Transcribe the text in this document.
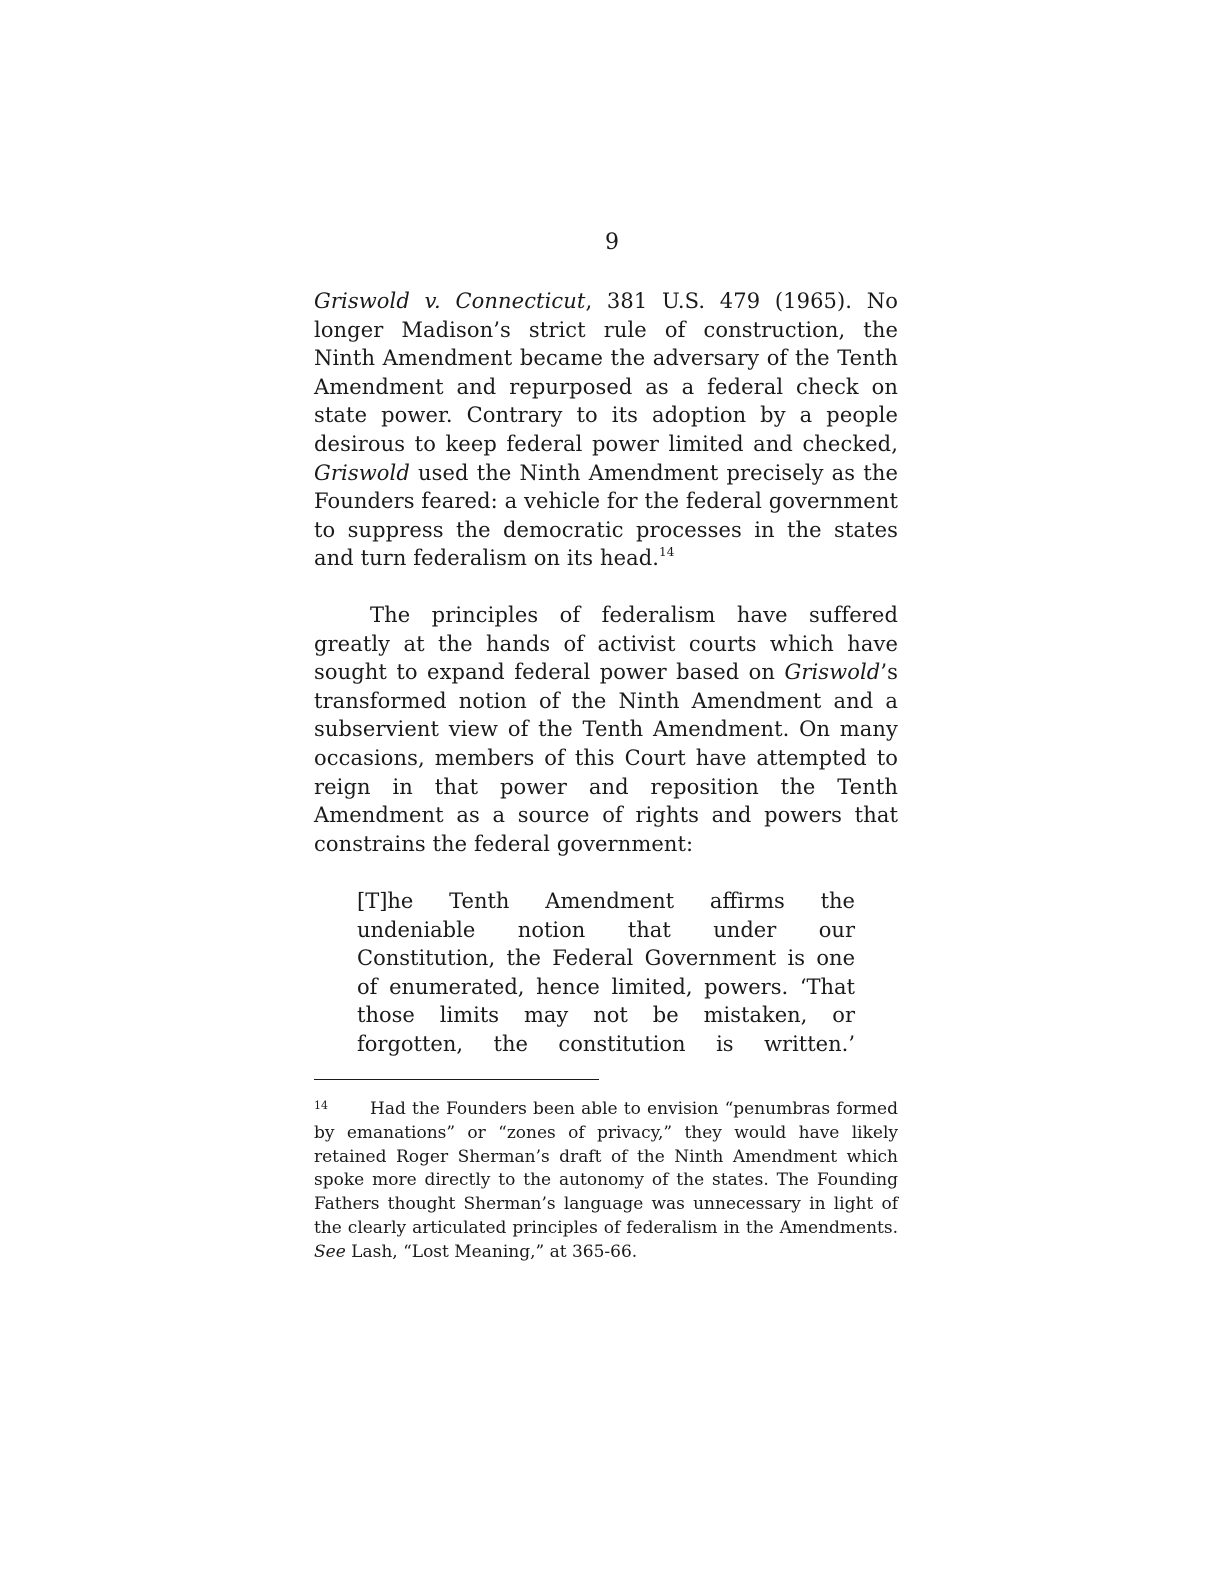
9
Griswold v. Connecticut, 381 U.S. 479 (1965). No longer Madison’s strict rule of construction, the Ninth Amendment became the adversary of the Tenth Amendment and repurposed as a federal check on state power. Contrary to its adoption by a people desirous to keep federal power limited and checked, Griswold used the Ninth Amendment precisely as the Founders feared: a vehicle for the federal government to suppress the democratic processes in the states and turn federalism on its head.$^{14}$
The principles of federalism have suffered greatly at the hands of activist courts which have sought to expand federal power based on Griswold’s transformed notion of the Ninth Amendment and a subservient view of the Tenth Amendment. On many occasions, members of this Court have attempted to reign in that power and reposition the Tenth Amendment as a source of rights and powers that constrains the federal government:
[T]he Tenth Amendment affirms the undeniable notion that under our Constitution, the Federal Government is one of enumerated, hence limited, powers. ‘That those limits may not be mistaken, or forgotten, the constitution is written.’
14 Had the Founders been able to envision “penumbras formed by emanations” or “zones of privacy,” they would have likely retained Roger Sherman’s draft of the Ninth Amendment which spoke more directly to the autonomy of the states. The Founding Fathers thought Sherman’s language was unnecessary in light of the clearly articulated principles of federalism in the Amendments. See Lash, “Lost Meaning,” at 365-66.
